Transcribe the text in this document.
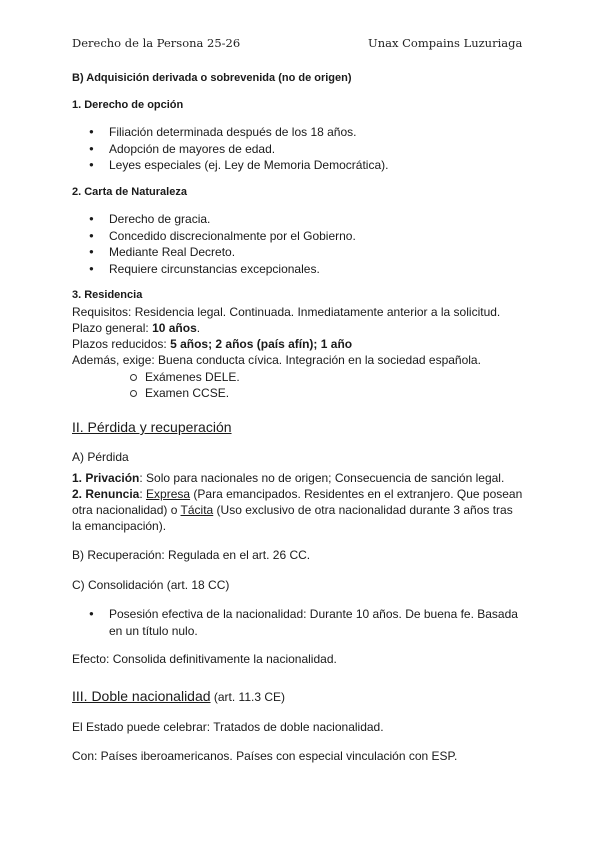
Derecho de la Persona 25-26	Unax Compains Luzuriaga
B) Adquisición derivada o sobrevenida (no de origen)
1. Derecho de opción
● Filiación determinada después de los 18 años.
● Adopción de mayores de edad.
● Leyes especiales (ej. Ley de Memoria Democrática).
2. Carta de Naturaleza
● Derecho de gracia.
● Concedido discrecionalmente por el Gobierno.
● Mediante Real Decreto.
● Requiere circunstancias excepcionales.
3. Residencia
Requisitos: Residencia legal. Continuada. Inmediatamente anterior a la solicitud.
Plazo general: 10 años.
Plazos reducidos: 5 años; 2 años (país afín); 1 año
Además, exige: Buena conducta cívica. Integración en la sociedad española.
Exámenes DELE.
Examen CCSE.
II. Pérdida y recuperación
A) Pérdida
1. Privación: Solo para nacionales no de origen; Consecuencia de sanción legal.
2. Renuncia: Expresa (Para emancipados. Residentes en el extranjero. Que posean
otra nacionalidad) o Tácita (Uso exclusivo de otra nacionalidad durante 3 años tras
la emancipación).
B) Recuperación: Regulada en el art. 26 CC.
C) Consolidación (art. 18 CC)
● Posesión efectiva de la nacionalidad: Durante 10 años. De buena fe. Basada
en un título nulo.
Efecto: Consolida definitivamente la nacionalidad.
III. Doble nacionalidad (art. 11.3 CE)
El Estado puede celebrar: Tratados de doble nacionalidad.
Con: Países iberoamericanos. Países con especial vinculación con ESP.
